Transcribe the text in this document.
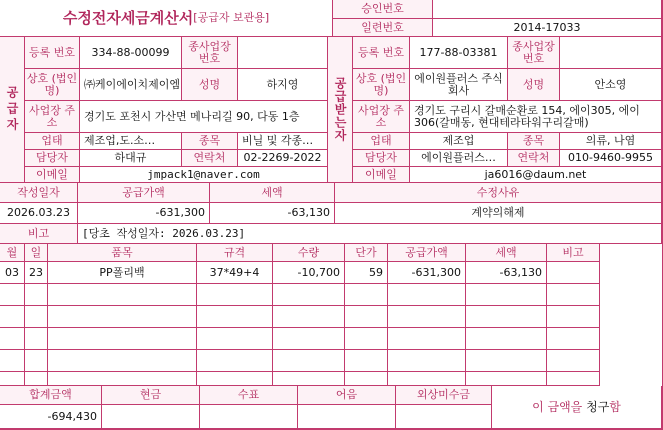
수정전자세금계산서 [공급자 보관용]
승인번호
일련번호	2014-17033
공급자
등록 번호	334-88-00099	종사업장 번호
상호 (법인명)	㈜케이에이치제이엠	성명	하지영
사업장 주소	경기도 포천시 가산면 메나리길 90, 다동 1층
업태	제조업,도.소…	종목	비닐 및 각종…
담당자	하대규	연락처	02-2269-2022
이메일	jmpack1@naver.com
공급받는자
등록 번호	177-88-03381	종사업장 번호
상호 (법인명)
에이원플러스 주식회사	성명	안소영
사업장 주소
경기도 구리시 갈매순환로 154, 에이305, 에이306(갈매동, 현대테라타워구리갈매)
업태	제조업	종목	의류, 나염
담당자	에이원플러스…	연락처	010-9460-9955
이메일	ja6016@daum.net
작성일자	공급가액	세액	수정사유
2026.03.23	-631,300	-63,130	계약의해제
비고	[당초 작성일자: 2026.03.23]
월	일	품목	규격	수량	단가	공급가액	세액	비고
03 23	PP폴리백	37*49+4	-10,700	59	-631,300	-63,130
합계금액	현금	수표	어음	외상미수금
-694,430
이 금액을
청구 함
